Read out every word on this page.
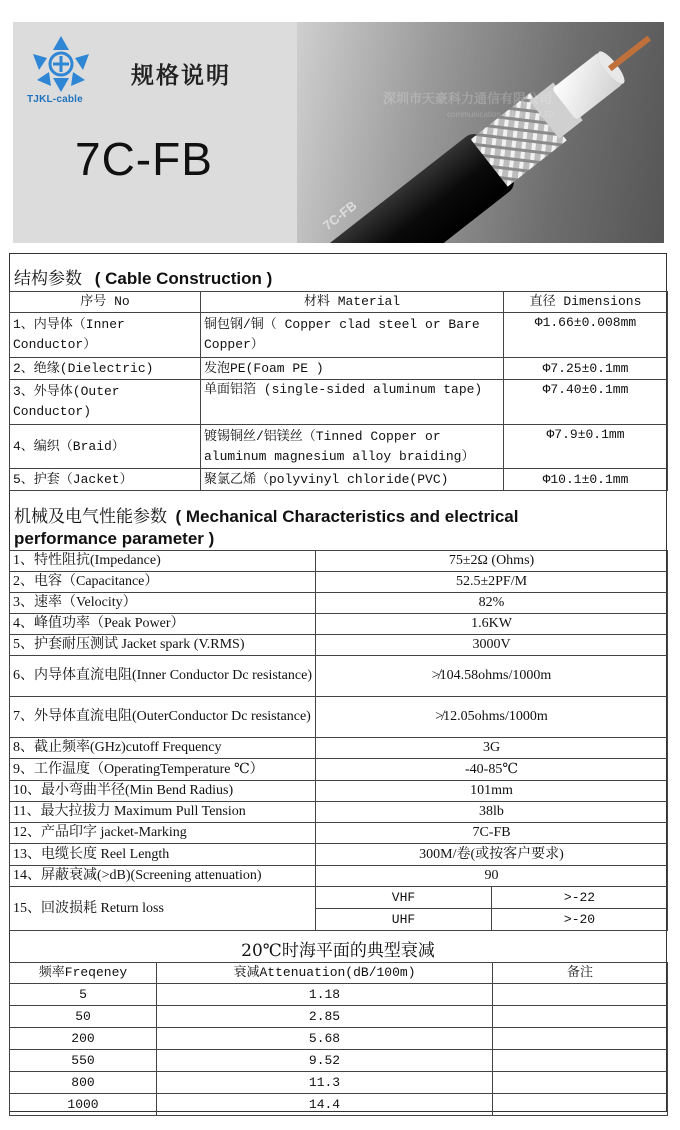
TJKL-cable
规格说明
7C-FB
7C-FB
深圳市天豪科力通信有限公司
communication cable co., LTD
结构参数 ( Cable Construction )
序号 No	材料 Material	直径 Dimensions
1、内导体（Inner Conductor）	铜包钢/铜（ Copper clad steel or Bare Copper）	Φ1.66±0.008mm
2、绝缘(Dielectric)	发泡PE(Foam PE )	Φ7.25±0.1mm
3、外导体(Outer Conductor)	单面铝箔 (single-sided aluminum tape)	Φ7.40±0.1mm
4、编织（Braid）	镀锡铜丝/铝镁丝（Tinned Copper or aluminum magnesium alloy braiding）	Φ7.9±0.1mm
5、护套（Jacket）	聚氯乙烯（polyvinyl chloride(PVC)	Φ10.1±0.1mm
机械及电气性能参数 ( Mechanical Characteristics and electrical
performance parameter )
1、特性阻抗(Impedance)	75±2Ω (Ohms)	
2、电容（Capacitance）	52.5±2PF/M	
3、速率（Velocity）	82%	
4、峰值功率（Peak Power）	1.6KW	
5、护套耐压测试 Jacket spark (V.RMS)	3000V	
6、内导体直流电阻(Inner Conductor Dc resistance)	≯104.58ohms/1000m	
7、外导体直流电阻(OuterConductor Dc resistance)	≯12.05ohms/1000m	
8、截止频率(GHz)cutoff Frequency	3G	
9、工作温度（OperatingTemperature ℃）	-40-85℃	
10、最小弯曲半径(Min Bend Radius)	101mm	
11、最大拉拔力 Maximum Pull Tension	38lb	
12、产品印字 jacket-Marking	7C-FB	
13、电缆长度 Reel Length	300M/卷(或按客户要求)	
14、屏蔽衰减(>dB)(Screening attenuation)	90	
15、回波损耗 Return loss	VHF	>-22
	UHF	>-20
20℃时海平面的典型衰减
频率Freqeney	衰减Attenuation(dB/100m)	备注
5	1.18	
50	2.85	
200	5.68	
550	9.52	
800	11.3	
1000	14.4	
